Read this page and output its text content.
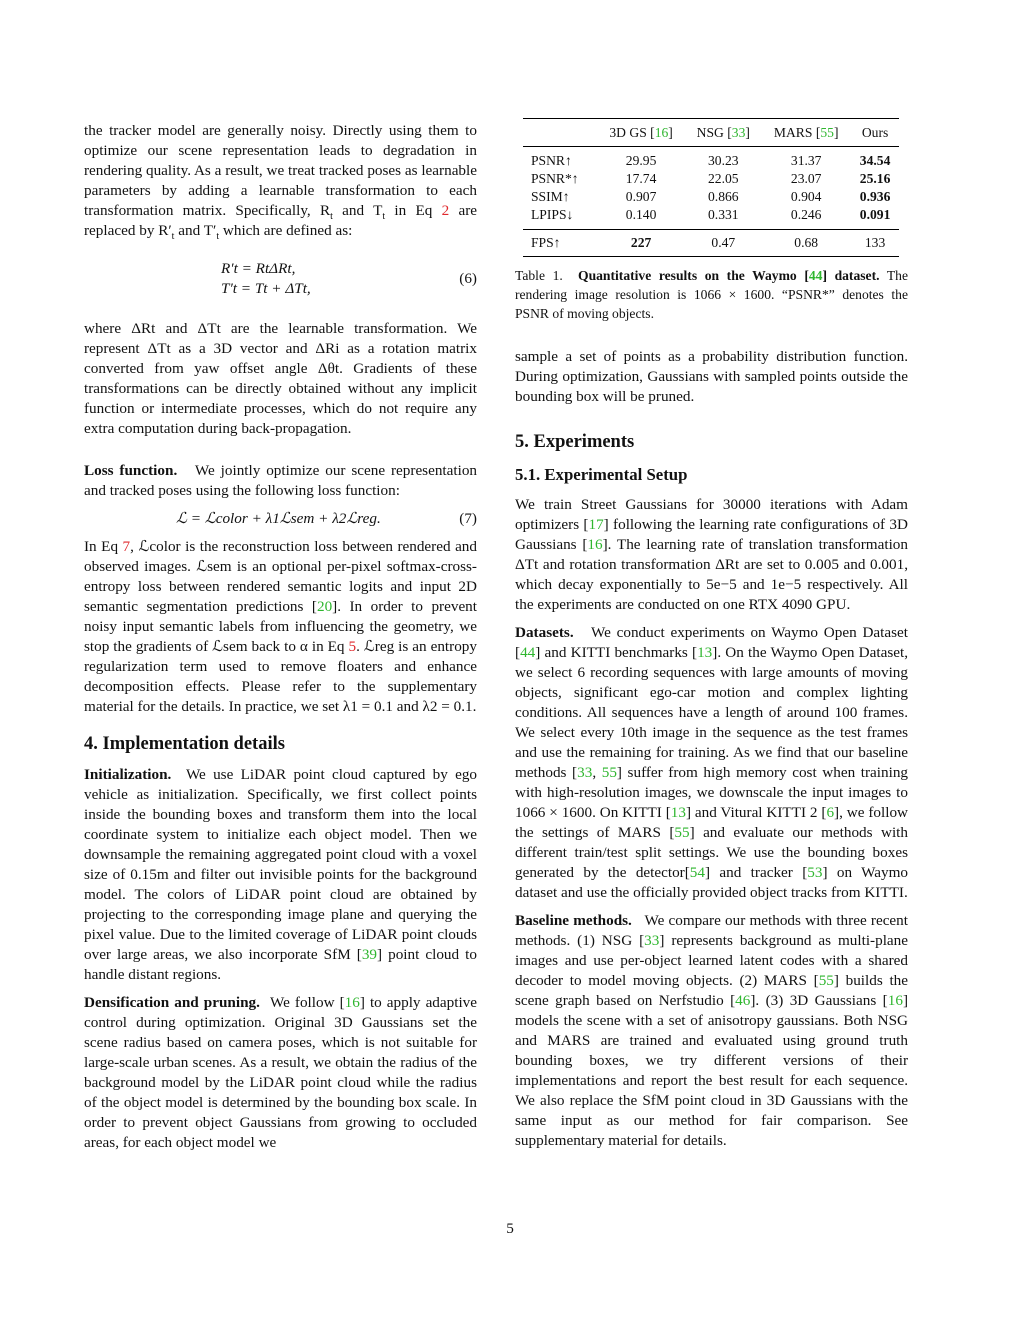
the tracker model are generally noisy. Directly using them to optimize our scene representation leads to degradation in rendering quality. As a result, we treat tracked poses as learnable parameters by adding a learnable transformation to each transformation matrix. Specifically, $R_t$ and $T_t$ in Eq 2 are replaced by $R'_t$ and $T'_t$ which are defined as:

R′t = RtΔRt,
T′t = Tt + ΔTt,
(6)

where ΔRt and ΔTt are the learnable transformation. We represent ΔTt as a 3D vector and ΔRi as a rotation matrix converted from yaw offset angle Δθt. Gradients of these transformations can be directly obtained without any implicit function or intermediate processes, which do not require any extra computation during back-propagation.

Loss function. We jointly optimize our scene representation and tracked poses using the following loss function:

ℒ = ℒcolor + λ1ℒsem + λ2ℒreg.	(7)

In Eq 7, ℒcolor is the reconstruction loss between rendered and observed images. ℒsem is an optional per-pixel softmax-cross-entropy loss between rendered semantic logits and input 2D semantic segmentation predictions [20]. In order to prevent noisy input semantic labels from influencing the geometry, we stop the gradients of ℒsem back to α in Eq 5. ℒreg is an entropy regularization term used to remove floaters and enhance decomposition effects. Please refer to the supplementary material for the details. In practice, we set λ1 = 0.1 and λ2 = 0.1.

4. Implementation details

Initialization. We use LiDAR point cloud captured by ego vehicle as initialization. Specifically, we first collect points inside the bounding boxes and transform them into the local coordinate system to initialize each object model. Then we downsample the remaining aggregated point cloud with a voxel size of 0.15m and filter out invisible points for the background model. The colors of LiDAR point cloud are obtained by projecting to the corresponding image plane and querying the pixel value. Due to the limited coverage of LiDAR point clouds over large areas, we also incorporate SfM [39] point cloud to handle distant regions.

Densification and pruning. We follow [16] to apply adaptive control during optimization. Original 3D Gaussians set the scene radius based on camera poses, which is not suitable for large-scale urban scenes. As a result, we obtain the radius of the background model by the LiDAR point cloud while the radius of the object model is determined by the bounding box scale. In order to prevent object Gaussians from growing to occluded areas, for each object model we

	3D GS [16]	NSG [33]	MARS [55]	Ours
PSNR↑	29.95	30.23	31.37	34.54
PSNR*↑	17.74	22.05	23.07	25.16
SSIM↑	0.907	0.866	0.904	0.936
LPIPS↓	0.140	0.331	0.246	0.091
FPS↑	227	0.47	0.68	133
Table 1. Quantitative results on the Waymo [44] dataset. The rendering image resolution is 1066 × 1600. “PSNR*” denotes the PSNR of moving objects.

sample a set of points as a probability distribution function. During optimization, Gaussians with sampled points outside the bounding box will be pruned.

5. Experiments
5.1. Experimental Setup

We train Street Gaussians for 30000 iterations with Adam optimizers [17] following the learning rate configurations of 3D Gaussians [16]. The learning rate of translation transformation ΔTt and rotation transformation ΔRt are set to 0.005 and 0.001, which decay exponentially to 5e−5 and 1e−5 respectively. All the experiments are conducted on one RTX 4090 GPU.

Datasets. We conduct experiments on Waymo Open Dataset [44] and KITTI benchmarks [13]. On the Waymo Open Dataset, we select 6 recording sequences with large amounts of moving objects, significant ego-car motion and complex lighting conditions. All sequences have a length of around 100 frames. We select every 10th image in the sequence as the test frames and use the remaining for training. As we find that our baseline methods [33, 55] suffer from high memory cost when training with high-resolution images, we downscale the input images to 1066 × 1600. On KITTI [13] and Vitural KITTI 2 [6], we follow the settings of MARS [55] and evaluate our methods with different train/test split settings. We use the bounding boxes generated by the detector[54] and tracker [53] on Waymo dataset and use the officially provided object tracks from KITTI.

Baseline methods. We compare our methods with three recent methods. (1) NSG [33] represents background as multi-plane images and use per-object learned latent codes with a shared decoder to model moving objects. (2) MARS [55] builds the scene graph based on Nerfstudio [46]. (3) 3D Gaussians [16] models the scene with a set of anisotropy gaussians. Both NSG and MARS are trained and evaluated using ground truth bounding boxes, we try different versions of their implementations and report the best result for each sequence. We also replace the SfM point cloud in 3D Gaussians with the same input as our method for fair comparison. See supplementary material for details.

5
